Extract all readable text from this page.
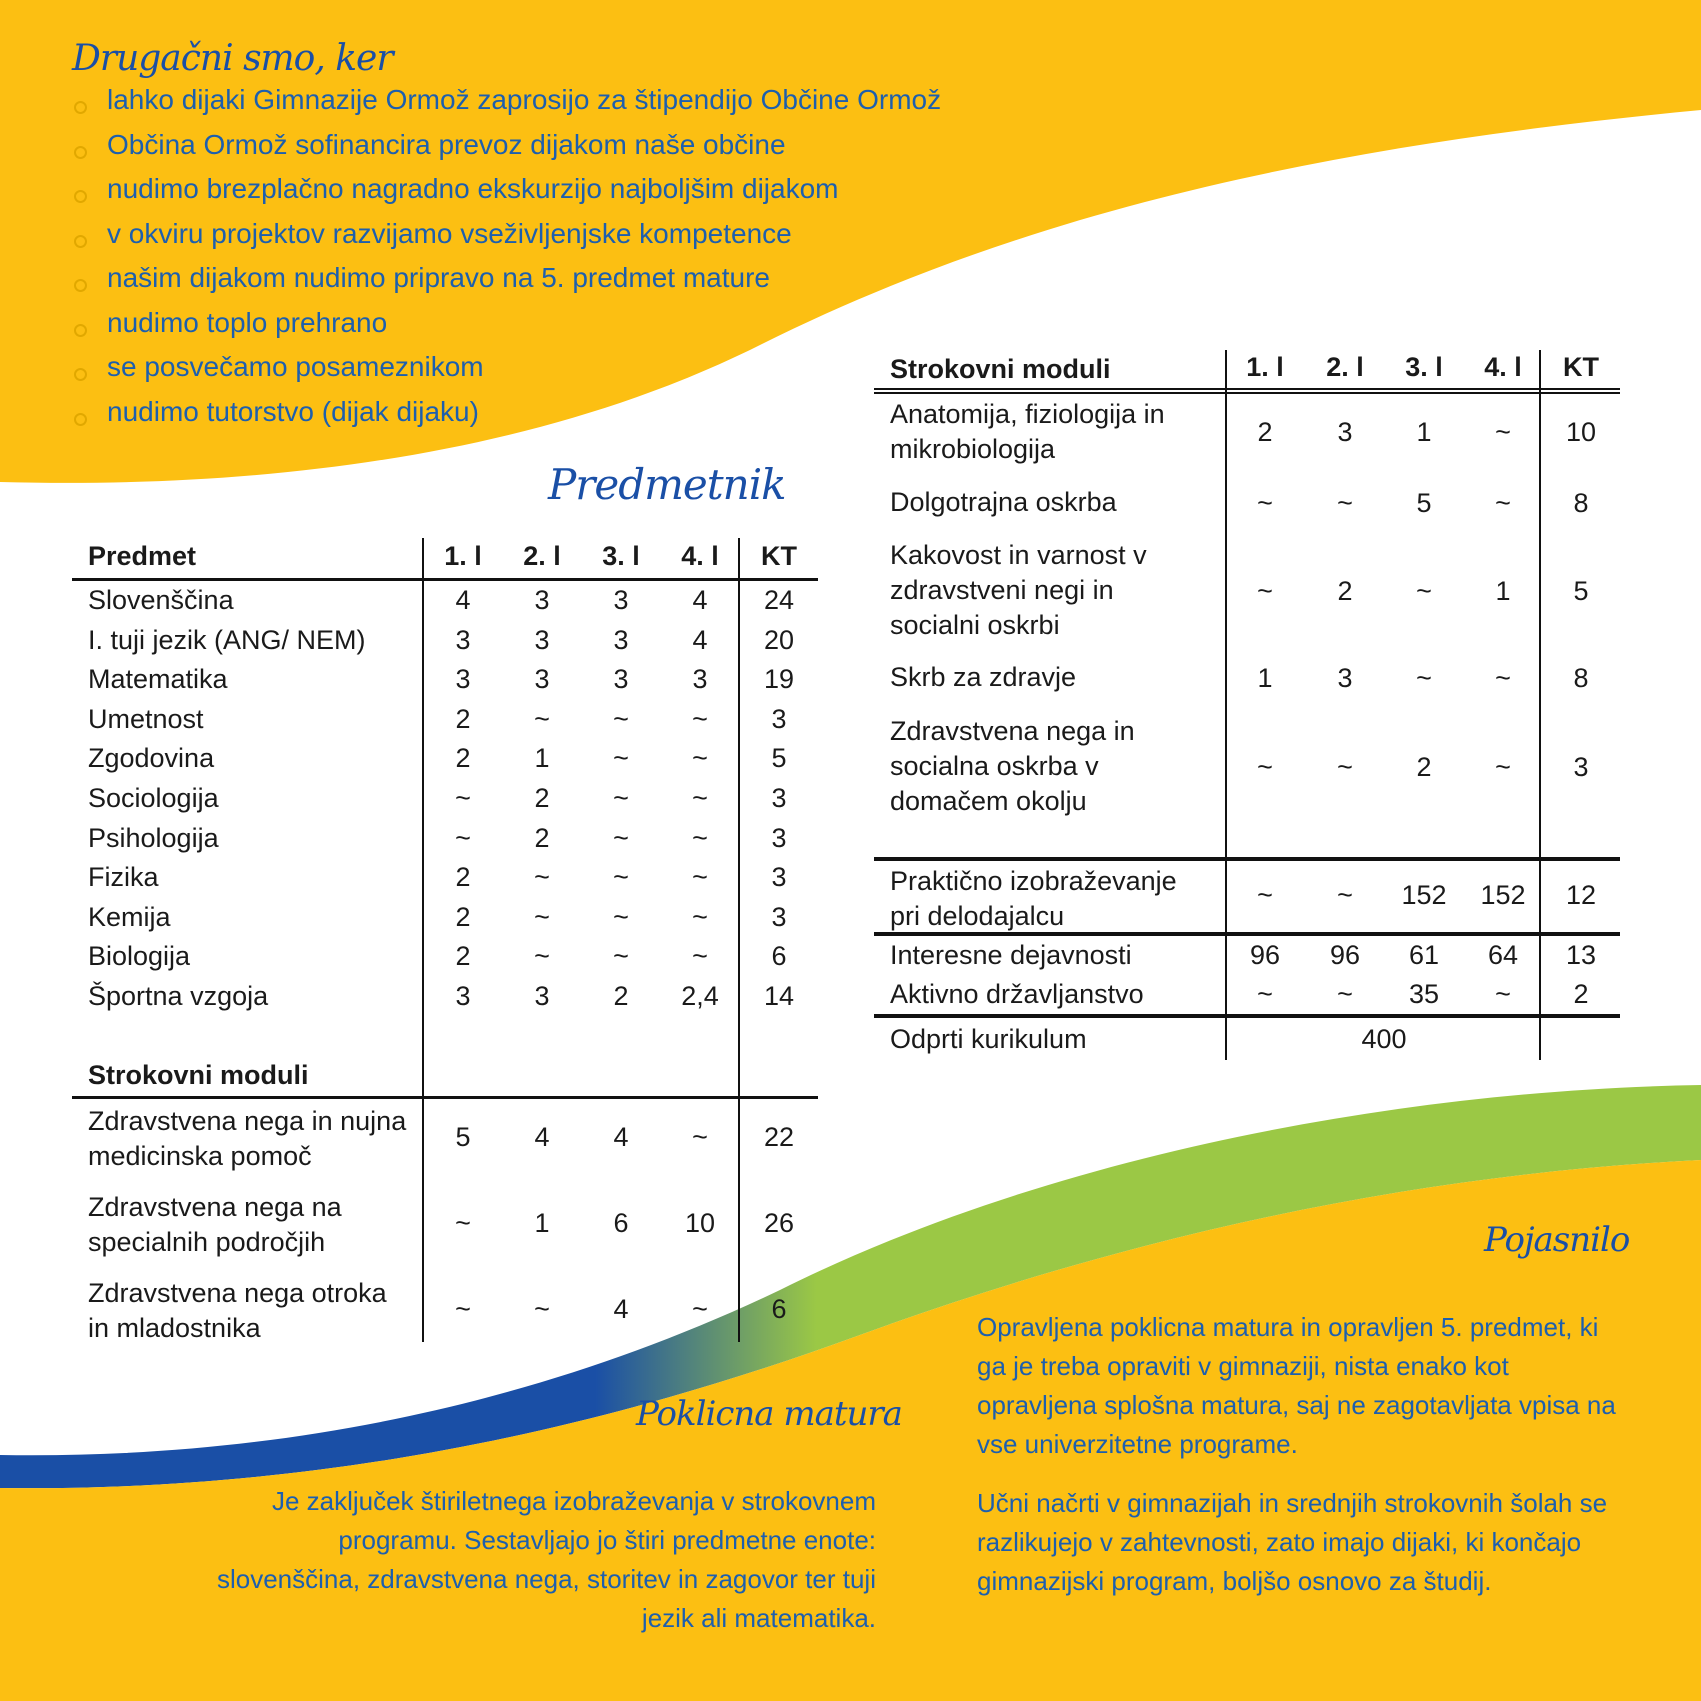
Drugačni smo, ker
lahko dijaki Gimnazije Ormož zaprosijo za štipendijo Občine Ormož
Občina Ormož sofinancira prevoz dijakom naše občine
nudimo brezplačno nagradno ekskurzijo najboljšim dijakom
v okviru projektov razvijamo vseživljenjske kompetence
našim dijakom nudimo pripravo na 5. predmet mature
nudimo toplo prehrano
se posvečamo posameznikom
nudimo tutorstvo (dijak dijaku)
Predmetnik
Predmet	1. l	2. l	3. l	4. l	KT
Slovenščina	4	3	3	4	24
I. tuji jezik (ANG/ NEM)	3	3	3	4	20
Matematika	3	3	3	3	19
Umetnost	2	~	~	~	3
Zgodovina	2	1	~	~	5
Sociologija	~	2	~	~	3
Psihologija	~	2	~	~	3
Fizika	2	~	~	~	3
Kemija	2	~	~	~	3
Biologija	2	~	~	~	6
Športna vzgoja	3	3	2	2,4	14
Strokovni moduli
Zdravstvena nega in nujna medicinska pomoč
5	4	4	~	22
Zdravstvena nega na specialnih področjih
~	1	6	10	26
Zdravstvena nega otroka in mladostnika
~	~	4	~	6
Strokovni moduli	1. l	2. l	3. l	4. l	KT
Anatomija, fiziologija in mikrobiologija
2	3	1	~	10
Dolgotrajna oskrba	~	~	5	~	8
Kakovost in varnost v zdravstveni negi in socialni oskrbi
~	2	~	1	5
Skrb za zdravje	1	3	~	~	8
Zdravstvena nega in socialna oskrba v domačem okolju
~	~	2	~	3
Praktično izobraževanje pri delodajalcu
~	~	152	152	12
Interesne dejavnosti	96	96	61	64	13
Aktivno državljanstvo	~	~	35	~	2
Odprti kurikulum	400
Poklicna matura
Je zaključek štiriletnega izobraževanja v strokovnem programu. Sestavljajo jo štiri predmetne enote: slovenščina, zdravstvena nega, storitev in zagovor ter tuji jezik ali matematika.
Pojasnilo
Opravljena poklicna matura in opravljen 5. predmet, ki ga je treba opraviti v gimnaziji, nista enako kot opravljena splošna matura, saj ne zagotavljata vpisa na vse univerzitetne programe.
Učni načrti v gimnazijah in srednjih strokovnih šolah se razlikujejo v zahtevnosti, zato imajo dijaki, ki končajo gimnazijski program, boljšo osnovo za študij.
